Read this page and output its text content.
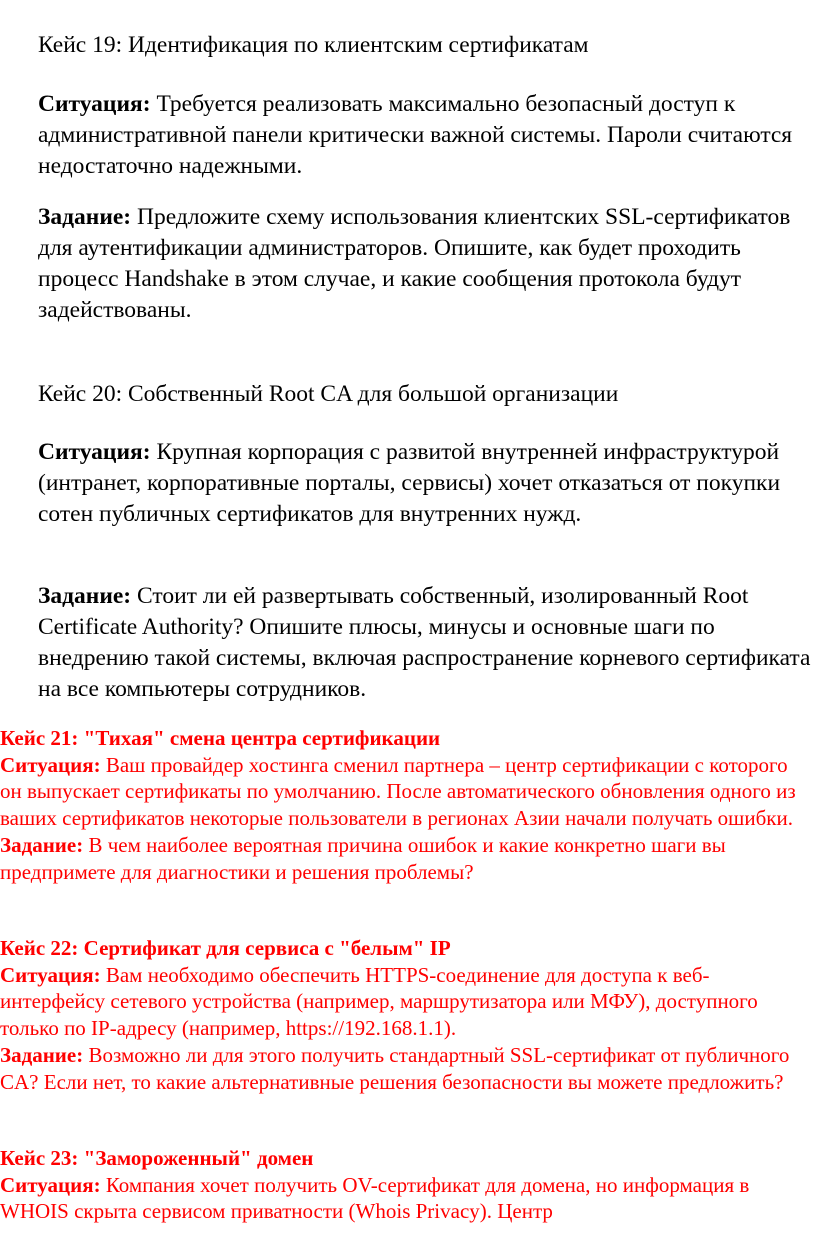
Кейс 19: Идентификация по клиентским сертификатам

Ситуация: Требуется реализовать максимально безопасный доступ к административной панели критически важной системы. Пароли считаются недостаточно надежными.

Задание: Предложите схему использования клиентских SSL-сертификатов для аутентификации администраторов. Опишите, как будет проходить процесс Handshake в этом случае, и какие сообщения протокола будут задействованы.

Кейс 20: Собственный Root CA для большой организации

Ситуация: Крупная корпорация с развитой внутренней инфраструктурой (интранет, корпоративные порталы, сервисы) хочет отказаться от покупки сотен публичных сертификатов для внутренних нужд.

Задание: Стоит ли ей развертывать собственный, изолированный Root Certificate Authority? Опишите плюсы, минусы и основные шаги по внедрению такой системы, включая распространение корневого сертификата на все компьютеры сотрудников.

Кейс 21: "Тихая" смена центра сертификации

Ситуация: Ваш провайдер хостинга сменил партнера – центр сертификации с которого он выпускает сертификаты по умолчанию. После автоматического обновления одного из ваших сертификатов некоторые пользователи в регионах Азии начали получать ошибки.

Задание: В чем наиболее вероятная причина ошибок и какие конкретно шаги вы предпримете для диагностики и решения проблемы?

Кейс 22: Сертификат для сервиса с "белым" IP

Ситуация: Вам необходимо обеспечить HTTPS-соединение для доступа к веб-интерфейсу сетевого устройства (например, маршрутизатора или МФУ), доступного только по IP-адресу (например, https://192.168.1.1).

Задание: Возможно ли для этого получить стандартный SSL-сертификат от публичного CA? Если нет, то какие альтернативные решения безопасности вы можете предложить?

Кейс 23: "Замороженный" домен

Ситуация: Компания хочет получить OV-сертификат для домена, но информация в WHOIS скрыта сервисом приватности (Whois Privacy). Центр
